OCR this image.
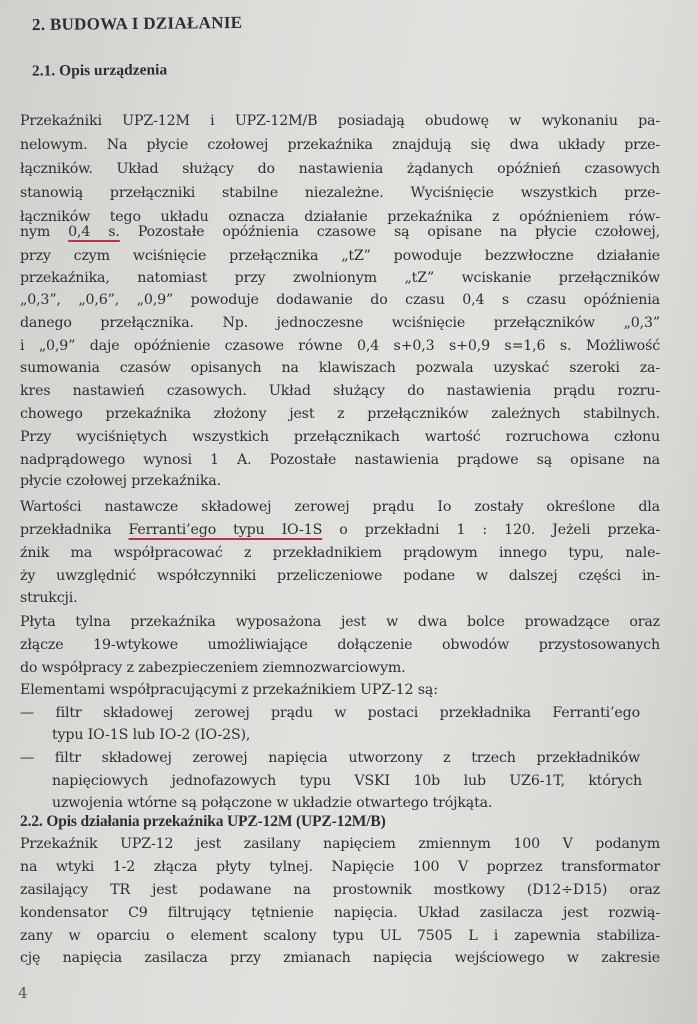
2. BUDOWA I DZIAŁANIE
2.1. Opis urządzenia
Przekaźniki UPZ-12M i UPZ-12M/B posiadają obudowę w wykonaniu pa-
nelowym. Na płycie czołowej przekaźnika znajdują się dwa układy prze-
łączników. Układ służący do nastawienia żądanych opóźnień czasowych
stanowią przełączniki stabilne niezależne. Wyciśnięcie wszystkich prze-
łączników tego układu oznacza działanie przekaźnika z opóźnieniem rów-
nym 0,4 s. Pozostałe opóźnienia czasowe są opisane na płycie czołowej,
przy czym wciśnięcie przełącznika „tZ” powoduje bezzwłoczne działanie
przekaźnika, natomiast przy zwolnionym „tZ” wciskanie przełączników
„0,3”, „0,6”, „0,9” powoduje dodawanie do czasu 0,4 s czasu opóźnienia
danego przełącznika. Np. jednoczesne wciśnięcie przełączników „0,3”
i „0,9” daje opóźnienie czasowe równe 0,4 s+0,3 s+0,9 s=1,6 s. Możliwość
sumowania czasów opisanych na klawiszach pozwala uzyskać szeroki za-
kres nastawień czasowych. Układ służący do nastawienia prądu rozru-
chowego przekaźnika złożony jest z przełączników zależnych stabilnych.
Przy wyciśniętych wszystkich przełącznikach wartość rozruchowa członu
nadprądowego wynosi 1 A. Pozostałe nastawienia prądowe są opisane na
płycie czołowej przekaźnika.
Wartości nastawcze składowej zerowej prądu Io zostały określone dla
przekładnika Ferranti’ego typu IO-1S o przekładni 1 : 120. Jeżeli przeka-
źnik ma współpracować z przekładnikiem prądowym innego typu, nale-
ży uwzględnić współczynniki przeliczeniowe podane w dalszej części in-
strukcji.
Płyta tylna przekaźnika wyposażona jest w dwa bolce prowadzące oraz
złącze 19-wtykowe umożliwiające dołączenie obwodów przystosowanych
do współpracy z zabezpieczeniem ziemnozwarciowym.
Elementami współpracującymi z przekaźnikiem UPZ-12 są:
— filtr składowej zerowej prądu w postaci przekładnika Ferranti’ego
typu IO-1S lub IO-2 (IO-2S),
— filtr składowej zerowej napięcia utworzony z trzech przekładników
napięciowych jednofazowych typu VSKI 10b lub UZ6-1T, których
uzwojenia wtórne są połączone w układzie otwartego trójkąta.
2.2. Opis działania przekaźnika UPZ-12M (UPZ-12M/B)
Przekaźnik UPZ-12 jest zasilany napięciem zmiennym 100 V podanym
na wtyki 1-2 złącza płyty tylnej. Napięcie 100 V poprzez transformator
zasilający TR jest podawane na prostownik mostkowy (D12÷D15) oraz
kondensator C9 filtrujący tętnienie napięcia. Układ zasilacza jest rozwią-
zany w oparciu o element scalony typu UL 7505 L i zapewnia stabiliza-
cję napięcia zasilacza przy zmianach napięcia wejściowego w zakresie
4
